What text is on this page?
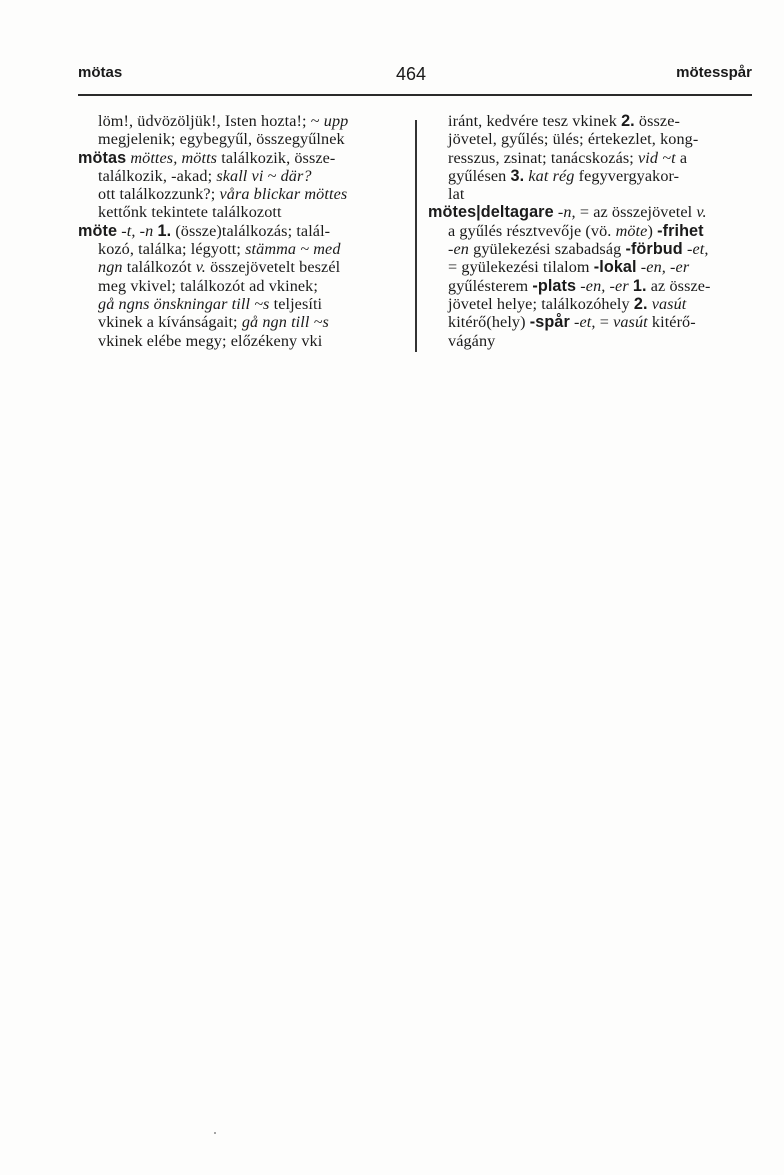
mötas	464	mötesspår
löm!, üdvözöljük!, Isten hozta!; ~ upp
megjelenik; egybegyűl, összegyűlnek
mötas möttes, mötts találkozik, össze-
találkozik, -akad; skall vi ~ där?
ott találkozzunk?; våra blickar möttes
kettőnk tekintete találkozott
möte -t, -n 1. (össze)találkozás; talál-
kozó, találka; légyott; stämma ~ med
ngn találkozót v. összejövetelt beszél
meg vkivel; találkozót ad vkinek;
gå ngns önskningar till ~s teljesíti
vkinek a kívánságait; gå ngn till ~s
vkinek elébe megy; előzékeny vki
iránt, kedvére tesz vkinek 2. össze-
jövetel, gyűlés; ülés; értekezlet, kong-
resszus, zsinat; tanácskozás; vid ~t a
gyűlésen 3. kat rég fegyvergyakor-
lat
mötes|deltagare -n, = az összejövetel v.
a gyűlés résztvevője (vö. möte) -frihet
-en gyülekezési szabadság -förbud -et,
= gyülekezési tilalom -lokal -en, -er
gyűlésterem -plats -en, -er 1. az össze-
jövetel helye; találkozóhely 2. vasút
kitérő(hely) -spår -et, = vasút kitérő-
vágány
